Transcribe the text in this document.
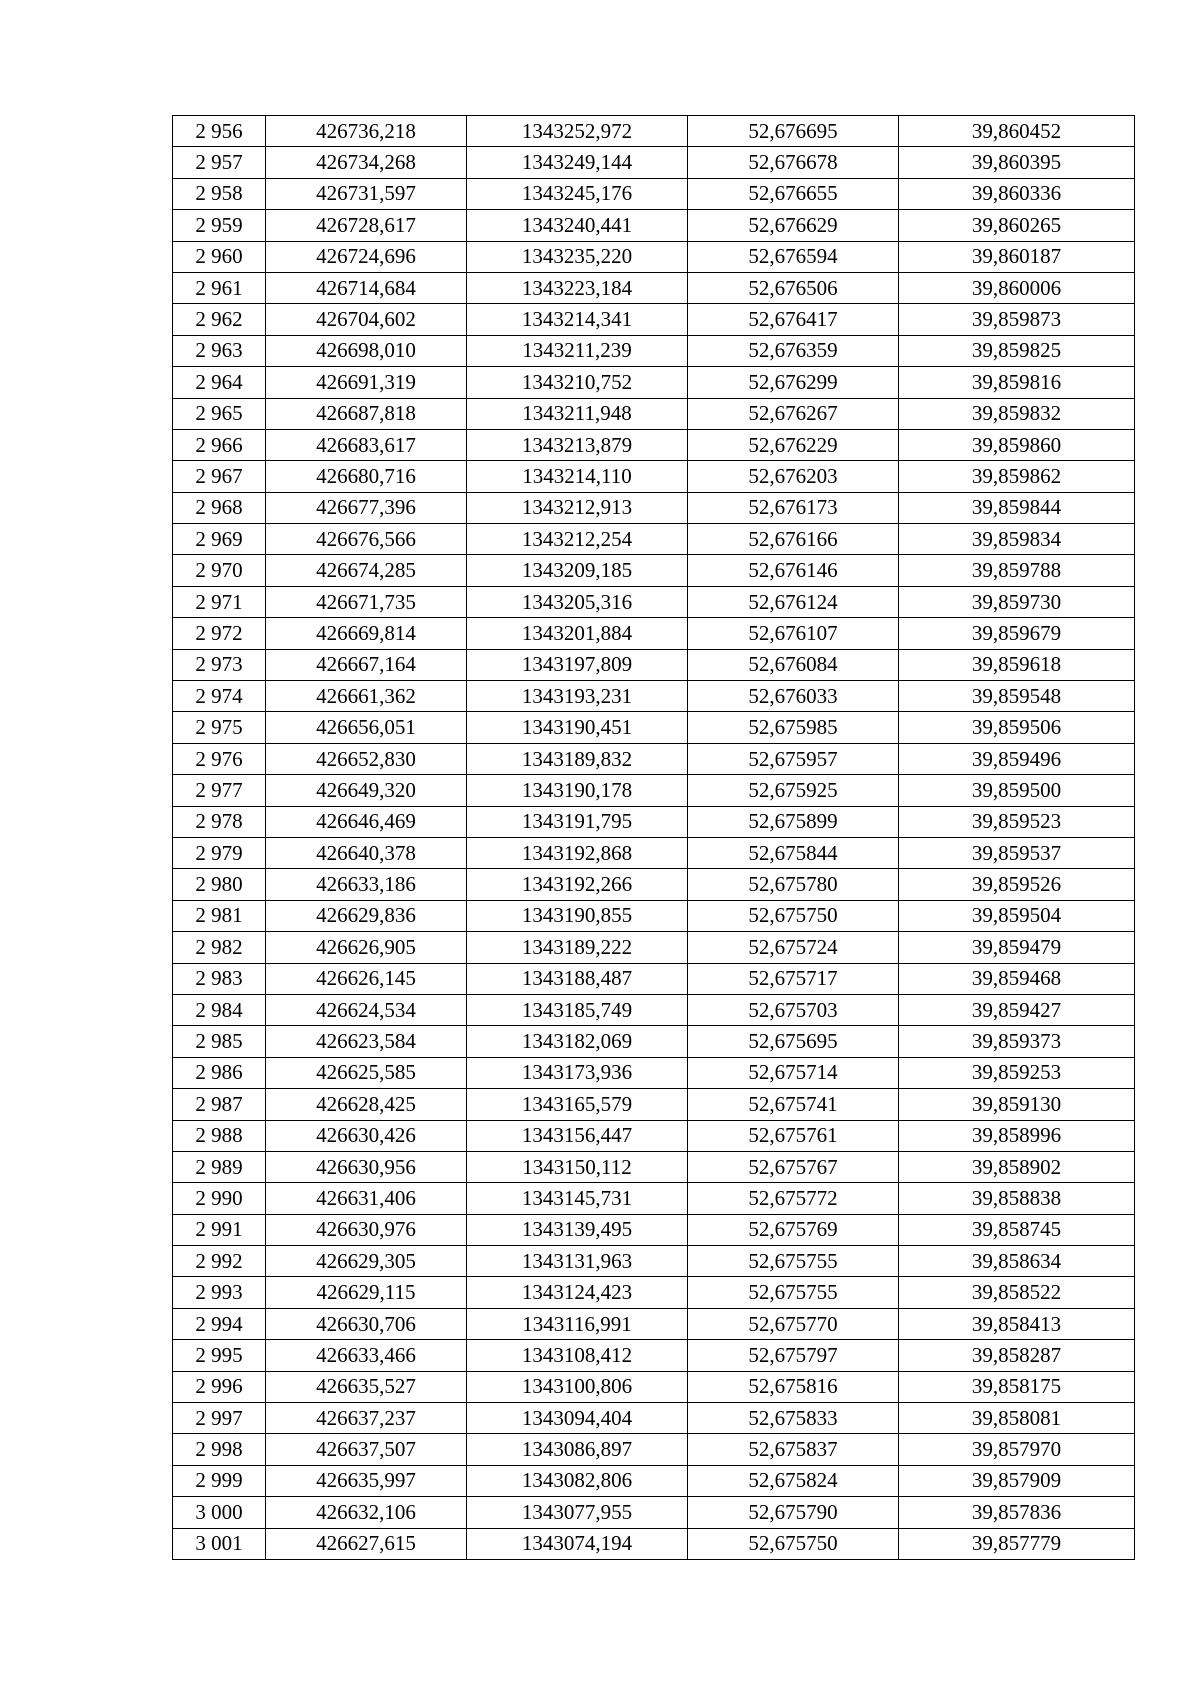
2 956	426736,218	1343252,972	52,676695	39,860452
2 957	426734,268	1343249,144	52,676678	39,860395
2 958	426731,597	1343245,176	52,676655	39,860336
2 959	426728,617	1343240,441	52,676629	39,860265
2 960	426724,696	1343235,220	52,676594	39,860187
2 961	426714,684	1343223,184	52,676506	39,860006
2 962	426704,602	1343214,341	52,676417	39,859873
2 963	426698,010	1343211,239	52,676359	39,859825
2 964	426691,319	1343210,752	52,676299	39,859816
2 965	426687,818	1343211,948	52,676267	39,859832
2 966	426683,617	1343213,879	52,676229	39,859860
2 967	426680,716	1343214,110	52,676203	39,859862
2 968	426677,396	1343212,913	52,676173	39,859844
2 969	426676,566	1343212,254	52,676166	39,859834
2 970	426674,285	1343209,185	52,676146	39,859788
2 971	426671,735	1343205,316	52,676124	39,859730
2 972	426669,814	1343201,884	52,676107	39,859679
2 973	426667,164	1343197,809	52,676084	39,859618
2 974	426661,362	1343193,231	52,676033	39,859548
2 975	426656,051	1343190,451	52,675985	39,859506
2 976	426652,830	1343189,832	52,675957	39,859496
2 977	426649,320	1343190,178	52,675925	39,859500
2 978	426646,469	1343191,795	52,675899	39,859523
2 979	426640,378	1343192,868	52,675844	39,859537
2 980	426633,186	1343192,266	52,675780	39,859526
2 981	426629,836	1343190,855	52,675750	39,859504
2 982	426626,905	1343189,222	52,675724	39,859479
2 983	426626,145	1343188,487	52,675717	39,859468
2 984	426624,534	1343185,749	52,675703	39,859427
2 985	426623,584	1343182,069	52,675695	39,859373
2 986	426625,585	1343173,936	52,675714	39,859253
2 987	426628,425	1343165,579	52,675741	39,859130
2 988	426630,426	1343156,447	52,675761	39,858996
2 989	426630,956	1343150,112	52,675767	39,858902
2 990	426631,406	1343145,731	52,675772	39,858838
2 991	426630,976	1343139,495	52,675769	39,858745
2 992	426629,305	1343131,963	52,675755	39,858634
2 993	426629,115	1343124,423	52,675755	39,858522
2 994	426630,706	1343116,991	52,675770	39,858413
2 995	426633,466	1343108,412	52,675797	39,858287
2 996	426635,527	1343100,806	52,675816	39,858175
2 997	426637,237	1343094,404	52,675833	39,858081
2 998	426637,507	1343086,897	52,675837	39,857970
2 999	426635,997	1343082,806	52,675824	39,857909
3 000	426632,106	1343077,955	52,675790	39,857836
3 001	426627,615	1343074,194	52,675750	39,857779
